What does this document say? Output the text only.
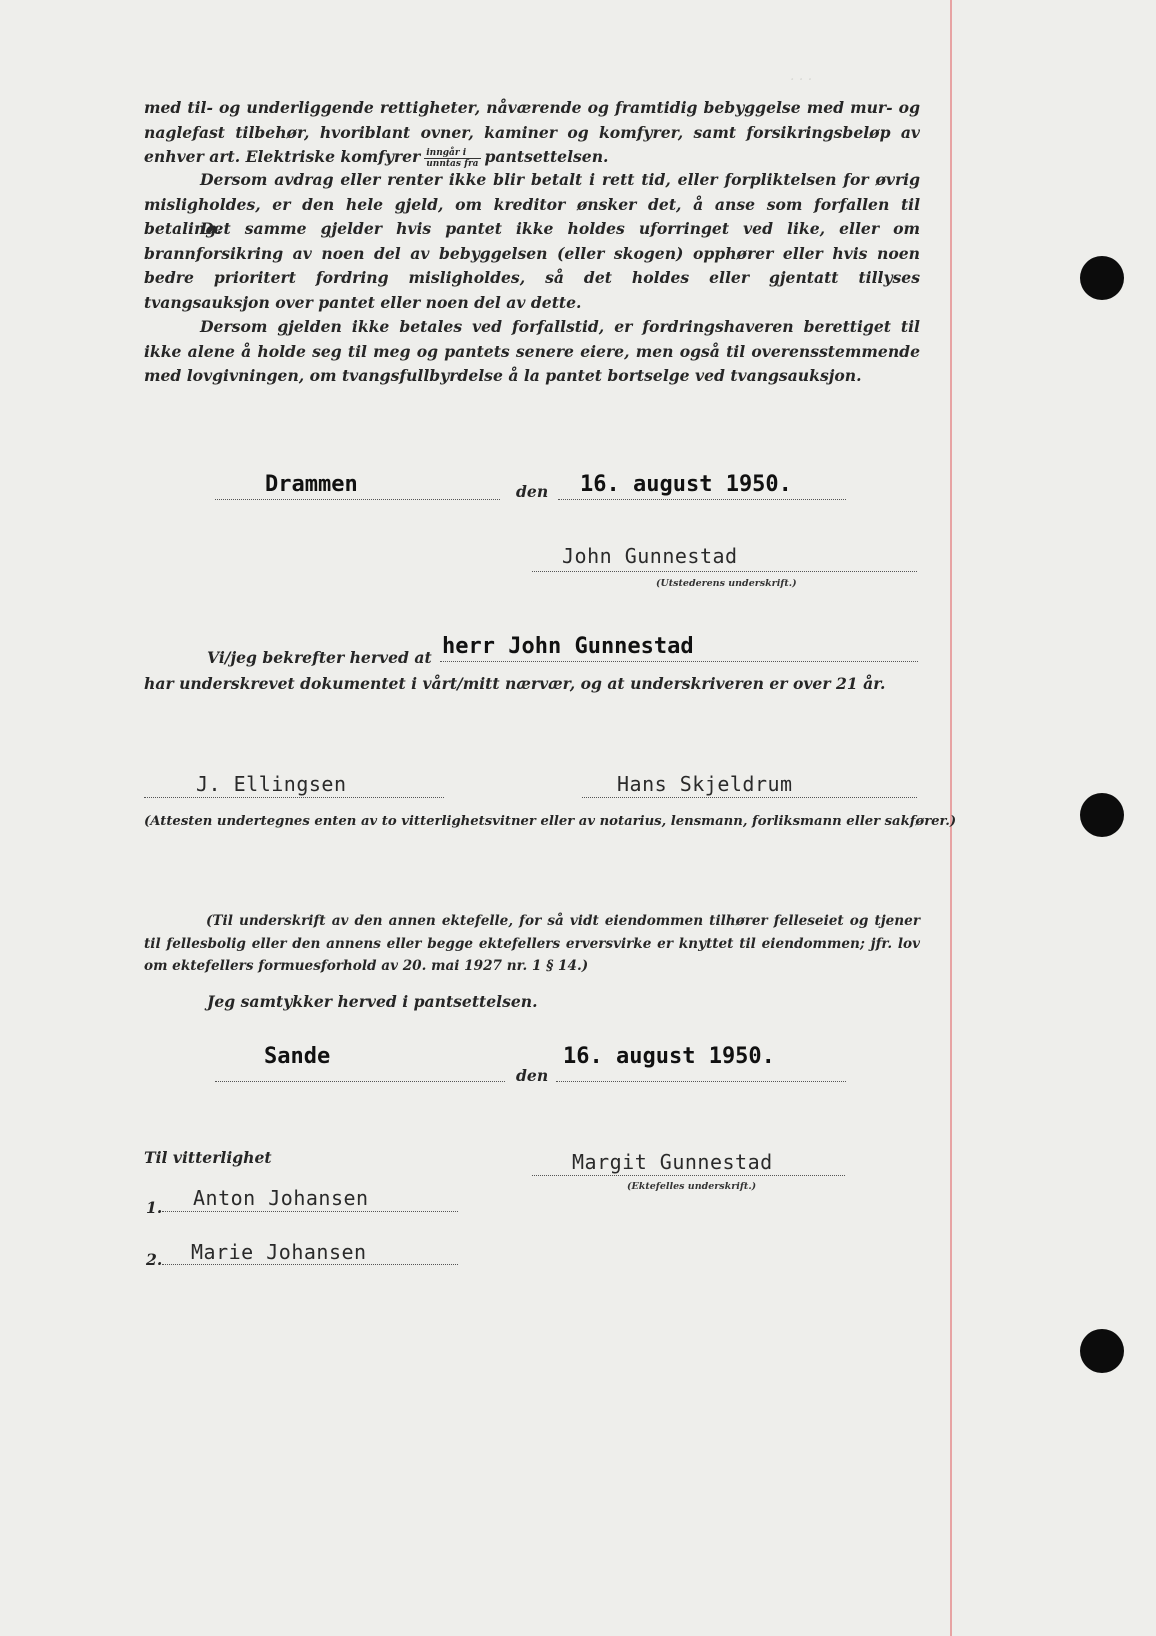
· · ·

med til- og underliggende rettigheter, nåværende og framtidig bebyggelse med mur- og naglefast tilbehør, hvoriblant ovner, kaminer og komfyrer, samt forsikringsbeløp av enhver art. Elektriske komfyrer $\frac{\text{inngår i}}{\text{unntas fra}}$ pantsettelsen.

Dersom avdrag eller renter ikke blir betalt i rett tid, eller forpliktelsen for øvrig misligholdes, er den hele gjeld, om kreditor ønsker det, å anse som forfallen til betaling.

Det samme gjelder hvis pantet ikke holdes uforringet ved like, eller om brannforsikring av noen del av bebyggelsen (eller skogen) opphører eller hvis noen bedre prioritert fordring misligholdes, så det holdes eller gjentatt tillyses tvangsauksjon over pantet eller noen del av dette.

Dersom gjelden ikke betales ved forfallstid, er fordringshaveren berettiget til ikke alene å holde seg til meg og pantets senere eiere, men også til overensstemmende med lovgivningen, om tvangsfullbyrdelse å la pantet bortselge ved tvangsauksjon.

Drammen	den 16. august 1950.
John Gunnestad
(Utstederens underskrift.)
Vi/jeg bekrefter herved at herr John Gunnestad
har underskrevet dokumentet i vårt/mitt nærvær, og at underskriveren er over 21 år.
J. Ellingsen	Hans Skjeldrum
(Attesten undertegnes enten av to vitterlighetsvitner eller av notarius, lensmann, forliksmann eller sakfører.)

(Til underskrift av den annen ektefelle, for så vidt eiendommen tilhører felleseiet og tjener til fellesbolig eller den annens eller begge ektefellers erversvirke er knyttet til eiendommen; jfr. lov om ektefellers formuesforhold av 20. mai 1927 nr. 1 § 14.)

Jeg samtykker herved i pantsettelsen.
Sande
den
16. august 1950.
Til vitterlighet	Margit Gunnestad
(Ektefelles underskrift.)
1. Anton Johansen
2. Marie Johansen
